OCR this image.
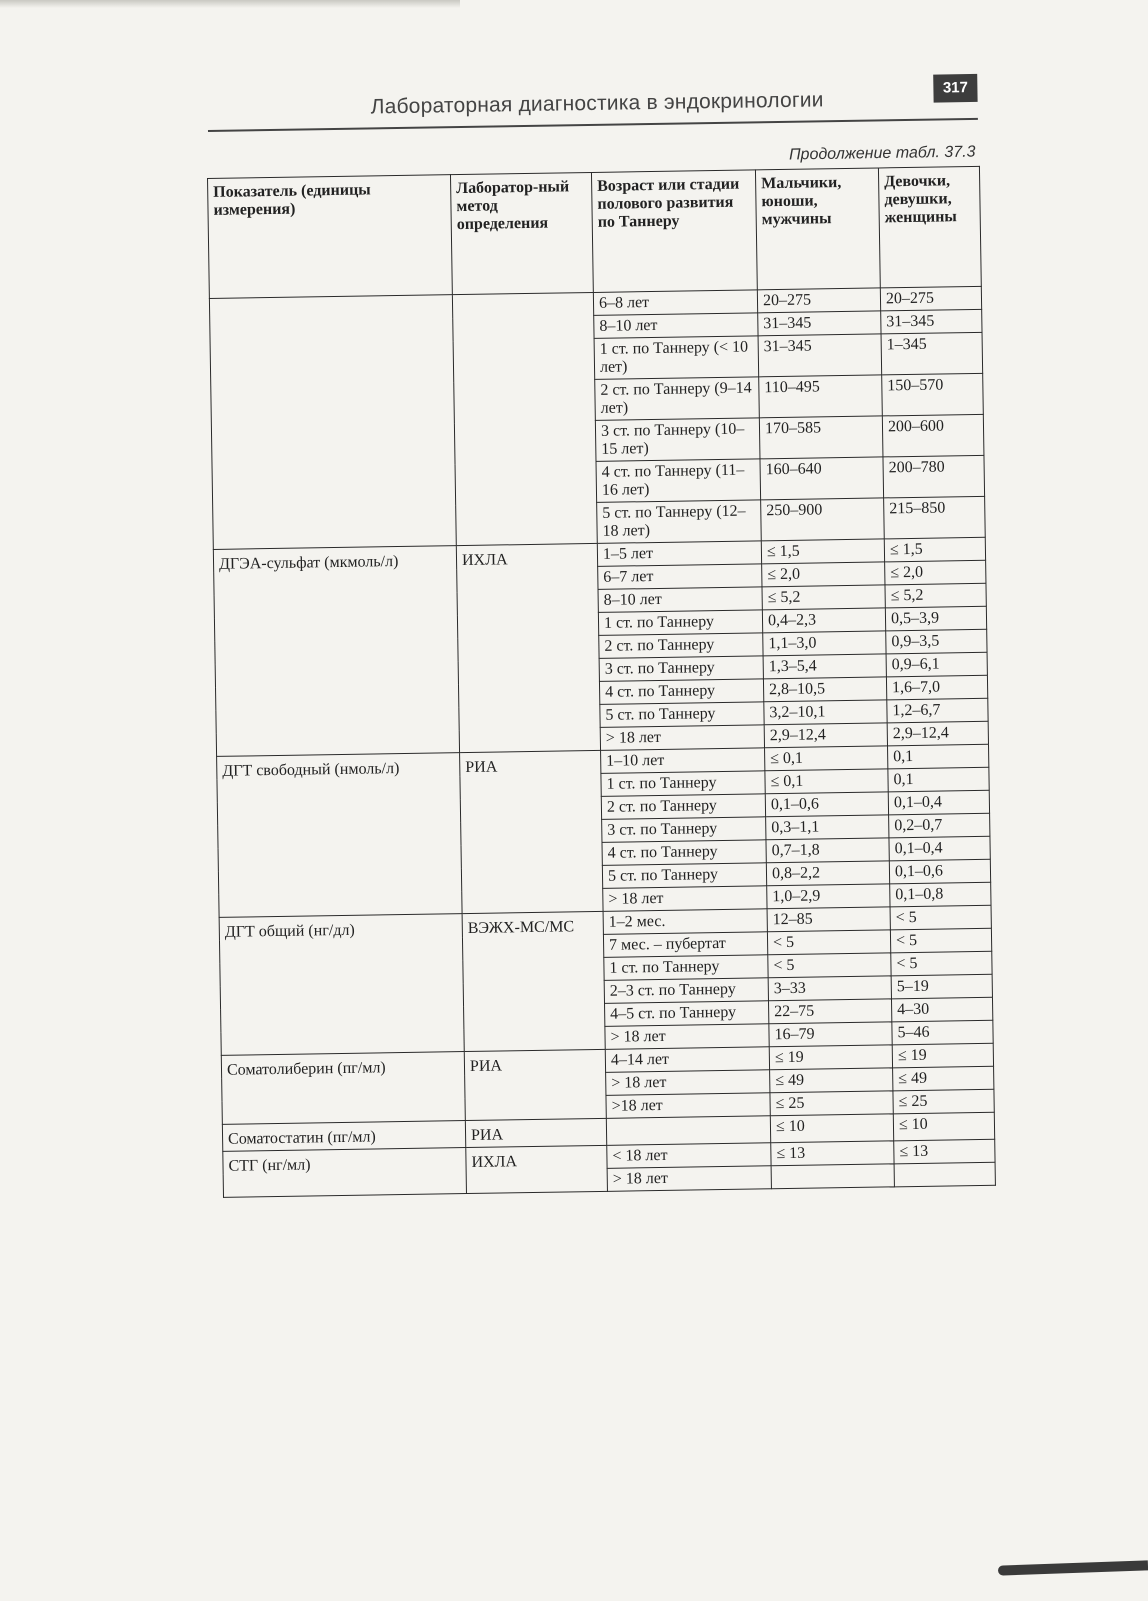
Лабораторная диагностика в эндокринологии
317
Продолжение табл. 37.3
Показатель (единицы измерения)	Лаборатор-ный метод определения	Возраст или стадии полового развития по Таннеру	Мальчики, юноши, мужчины	Девочки, девушки, женщины
		6–8 лет	20–275	20–275
		8–10 лет	31–345	31–345
		1 ст. по Таннеру (< 10 лет)	31–345	1–345
		2 ст. по Таннеру (9–14 лет)	110–495	150–570
		3 ст. по Таннеру (10–15 лет)	170–585	200–600
		4 ст. по Таннеру (11–16 лет)	160–640	200–780
		5 ст. по Таннеру (12–18 лет)	250–900	215–850
ДГЭА-сульфат (мкмоль/л)	ИХЛА	1–5 лет	≤ 1,5	≤ 1,5
		6–7 лет	≤ 2,0	≤ 2,0
		8–10 лет	≤ 5,2	≤ 5,2
		1 ст. по Таннеру	0,4–2,3	0,5–3,9
		2 ст. по Таннеру	1,1–3,0	0,9–3,5
		3 ст. по Таннеру	1,3–5,4	0,9–6,1
		4 ст. по Таннеру	2,8–10,5	1,6–7,0
		5 ст. по Таннеру	3,2–10,1	1,2–6,7
		> 18 лет	2,9–12,4	2,9–12,4
ДГТ свободный (нмоль/л)	РИА	1–10 лет	≤ 0,1	0,1
		1 ст. по Таннеру	≤ 0,1	0,1
		2 ст. по Таннеру	0,1–0,6	0,1–0,4
		3 ст. по Таннеру	0,3–1,1	0,2–0,7
		4 ст. по Таннеру	0,7–1,8	0,1–0,4
		5 ст. по Таннеру	0,8–2,2	0,1–0,6
		> 18 лет	1,0–2,9	0,1–0,8
ДГТ общий (нг/дл)	ВЭЖХ-МС/МС	1–2 мес.	12–85	< 5
		7 мес. – пубертат	< 5	< 5
		1 ст. по Таннеру	< 5	< 5
		2–3 ст. по Таннеру	3–33	5–19
		4–5 ст. по Таннеру	22–75	4–30
		> 18 лет	16–79	5–46
Соматолиберин (пг/мл)	РИА	4–14 лет	≤ 19	≤ 19
		> 18 лет	≤ 49	≤ 49
		>18 лет	≤ 25	≤ 25
Соматостатин (пг/мл)	РИА		≤ 10	≤ 10
СТГ (нг/мл)	ИХЛА	< 18 лет	≤ 13	≤ 13
		> 18 лет		
